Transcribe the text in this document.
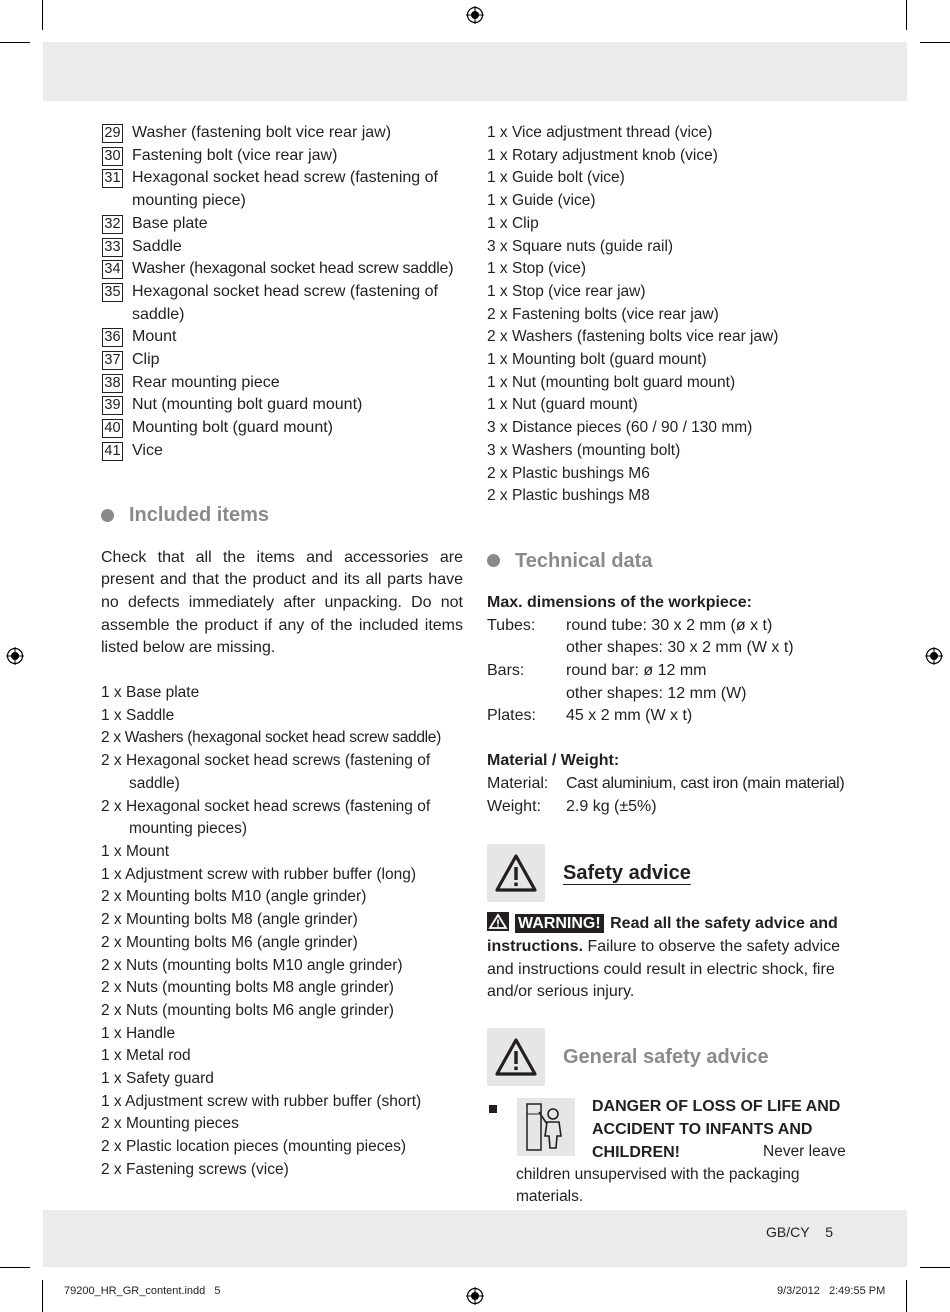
29 Washer (fastening bolt vice rear jaw)
30 Fastening bolt (vice rear jaw)
31 Hexagonal socket head screw (fastening of mounting piece)
32 Base plate
33 Saddle
34 Washer (hexagonal socket head screw saddle)
35 Hexagonal socket head screw (fastening of saddle)
36 Mount
37 Clip
38 Rear mounting piece
39 Nut (mounting bolt guard mount)
40 Mounting bolt (guard mount)
41 Vice
Included items

Check that all the items and accessories are present and that the product and its all parts have no defects immediately after unpacking. Do not assemble the product if any of the included items listed below are missing.

1 x Base plate

1 x Saddle

2 x Washers (hexagonal socket head screw saddle)

2 x Hexagonal socket head screws (fastening of saddle)

2 x Hexagonal socket head screws (fastening of mounting pieces)

1 x Mount

1 x Adjustment screw with rubber buffer (long)

2 x Mounting bolts M10 (angle grinder)

2 x Mounting bolts M8 (angle grinder)

2 x Mounting bolts M6 (angle grinder)

2 x Nuts (mounting bolts M10 angle grinder)

2 x Nuts (mounting bolts M8 angle grinder)

2 x Nuts (mounting bolts M6 angle grinder)

1 x Handle

1 x Metal rod

1 x Safety guard

1 x Adjustment screw with rubber buffer (short)

2 x Mounting pieces

2 x Plastic location pieces (mounting pieces)

2 x Fastening screws (vice)

1 x Vice adjustment thread (vice)

1 x Rotary adjustment knob (vice)

1 x Guide bolt (vice)

1 x Guide (vice)

1 x Clip

3 x Square nuts (guide rail)

1 x Stop (vice)

1 x Stop (vice rear jaw)

2 x Fastening bolts (vice rear jaw)

2 x Washers (fastening bolts vice rear jaw)

1 x Mounting bolt (guard mount)

1 x Nut (mounting bolt guard mount)

1 x Nut (guard mount)

3 x Distance pieces (60 / 90 / 130 mm)

3 x Washers (mounting bolt)

2 x Plastic bushings M6

2 x Plastic bushings M8

Technical data

Max. dimensions of the workpiece:

Tubes:	round tube: 30 x 2 mm (ø x t)
other shapes: 30 x 2 mm (W x t)
Bars:	round bar: ø 12 mm
other shapes: 12 mm (W)
Plates:	45 x 2 mm (W x t)

Material / Weight:

Material:	Cast aluminium, cast iron (main material)
Weight:	2.9 kg (±5%)
Safety advice

WARNING! Read all the safety advice and instructions. Failure to observe the safety advice and instructions could result in electric shock, fire and/or serious injury.

General safety advice
DANGER OF LOSS OF LIFE AND ACCIDENT TO INFANTS AND CHILDREN!	Never leave children unsupervised with the packaging materials.
GB/CY 5
79200_HR_GR_content.indd   5	9/3/2012   2:49:55 PM
